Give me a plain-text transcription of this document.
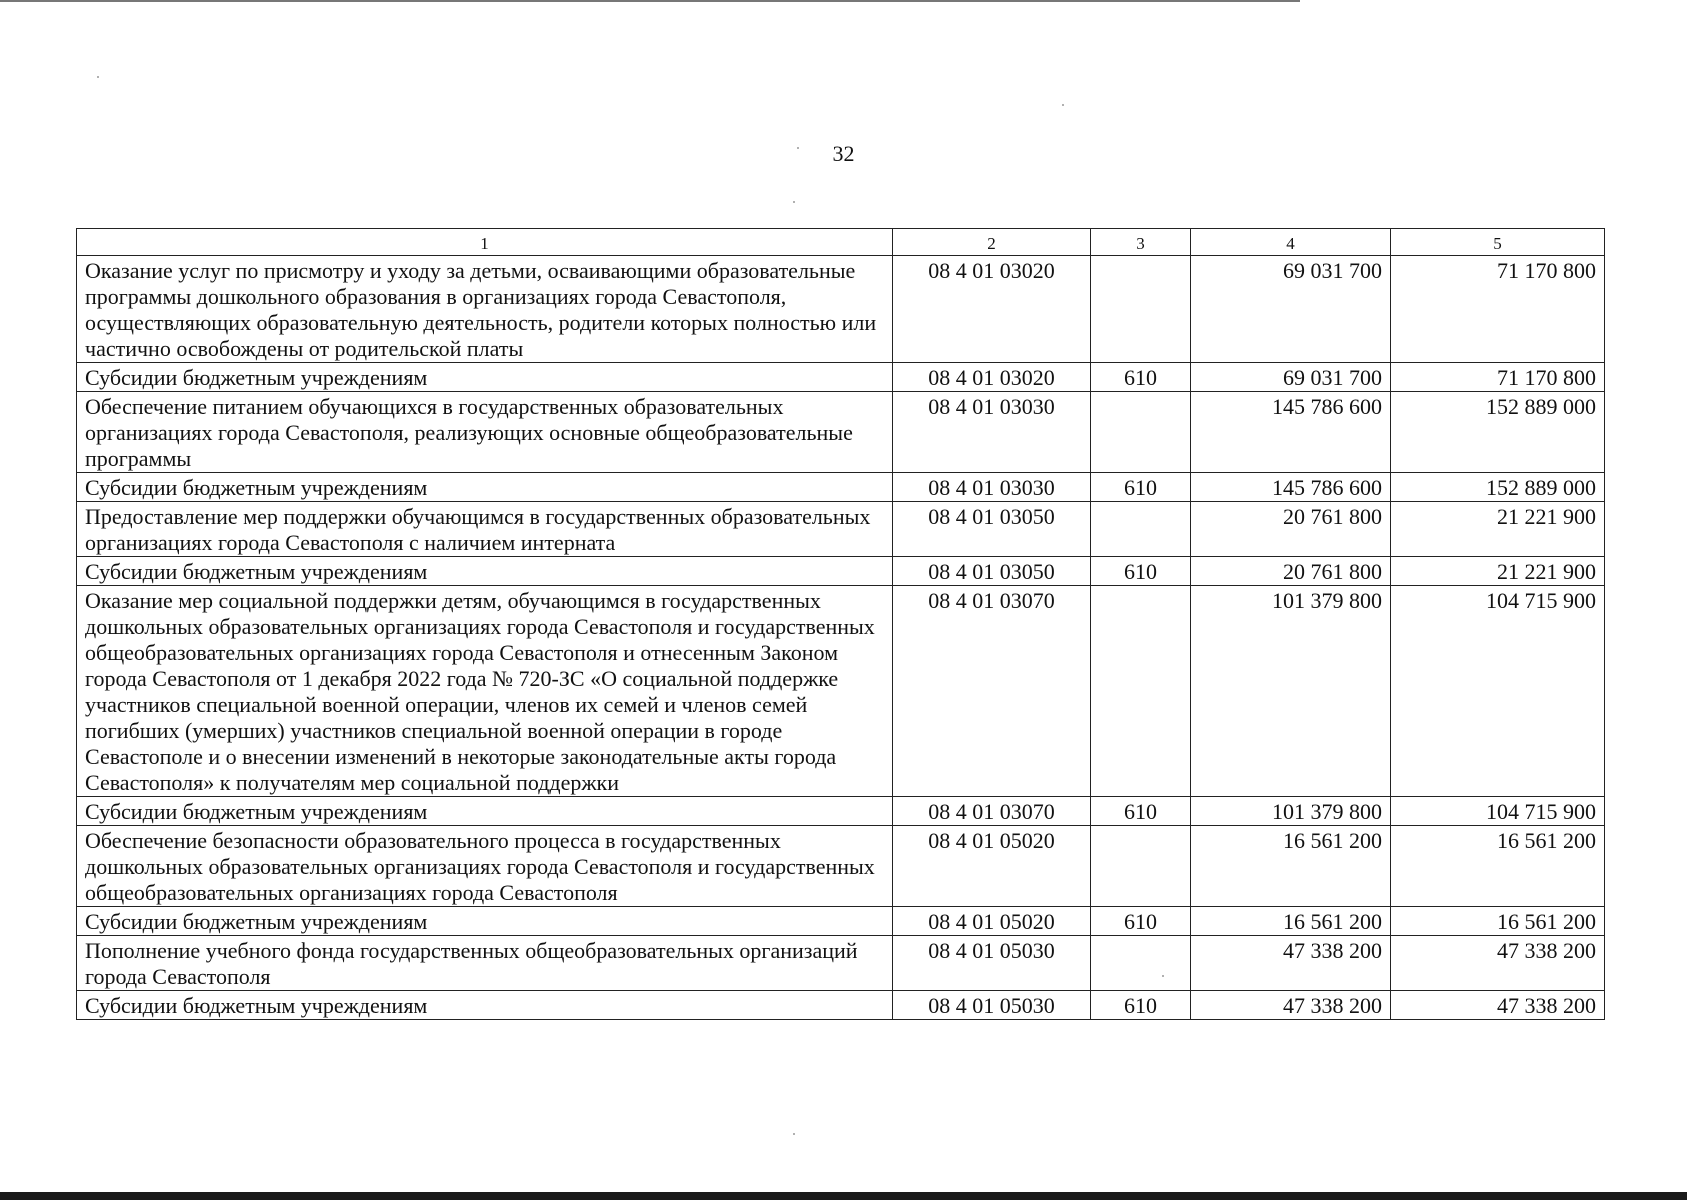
32
1	2	3	4	5
Оказание услуг по присмотру и уходу за детьми, осваивающими образовательные программы дошкольного образования в организациях города Севастополя, осуществляющих образовательную деятельность, родители которых полностью или частично освобождены от родительской платы	08 4 01 03020		69 031 700	71 170 800
Субсидии бюджетным учреждениям	08 4 01 03020	610	69 031 700	71 170 800
Обеспечение питанием обучающихся в государственных образовательных организациях города Севастополя, реализующих основные общеобразовательные программы	08 4 01 03030		145 786 600	152 889 000
Субсидии бюджетным учреждениям	08 4 01 03030	610	145 786 600	152 889 000
Предоставление мер поддержки обучающимся в государственных образовательных организациях города Севастополя с наличием интерната	08 4 01 03050		20 761 800	21 221 900
Субсидии бюджетным учреждениям	08 4 01 03050	610	20 761 800	21 221 900
Оказание мер социальной поддержки детям, обучающимся в государственных дошкольных образовательных организациях города Севастополя и государственных общеобразовательных организациях города Севастополя и отнесенным Законом города Севастополя от 1 декабря 2022 года № 720-ЗС «О социальной поддержке участников специальной военной операции, членов их семей и членов семей погибших (умерших) участников специальной военной операции в городе Севастополе и о внесении изменений в некоторые законодательные акты города Севастополя» к получателям мер социальной поддержки	08 4 01 03070		101 379 800	104 715 900
Субсидии бюджетным учреждениям	08 4 01 03070	610	101 379 800	104 715 900
Обеспечение безопасности образовательного процесса в государственных дошкольных образовательных организациях города Севастополя и государственных общеобразовательных организациях города Севастополя	08 4 01 05020		16 561 200	16 561 200
Субсидии бюджетным учреждениям	08 4 01 05020	610	16 561 200	16 561 200
Пополнение учебного фонда государственных общеобразовательных организаций города Севастополя	08 4 01 05030		47 338 200	47 338 200
Субсидии бюджетным учреждениям	08 4 01 05030	610	47 338 200	47 338 200
